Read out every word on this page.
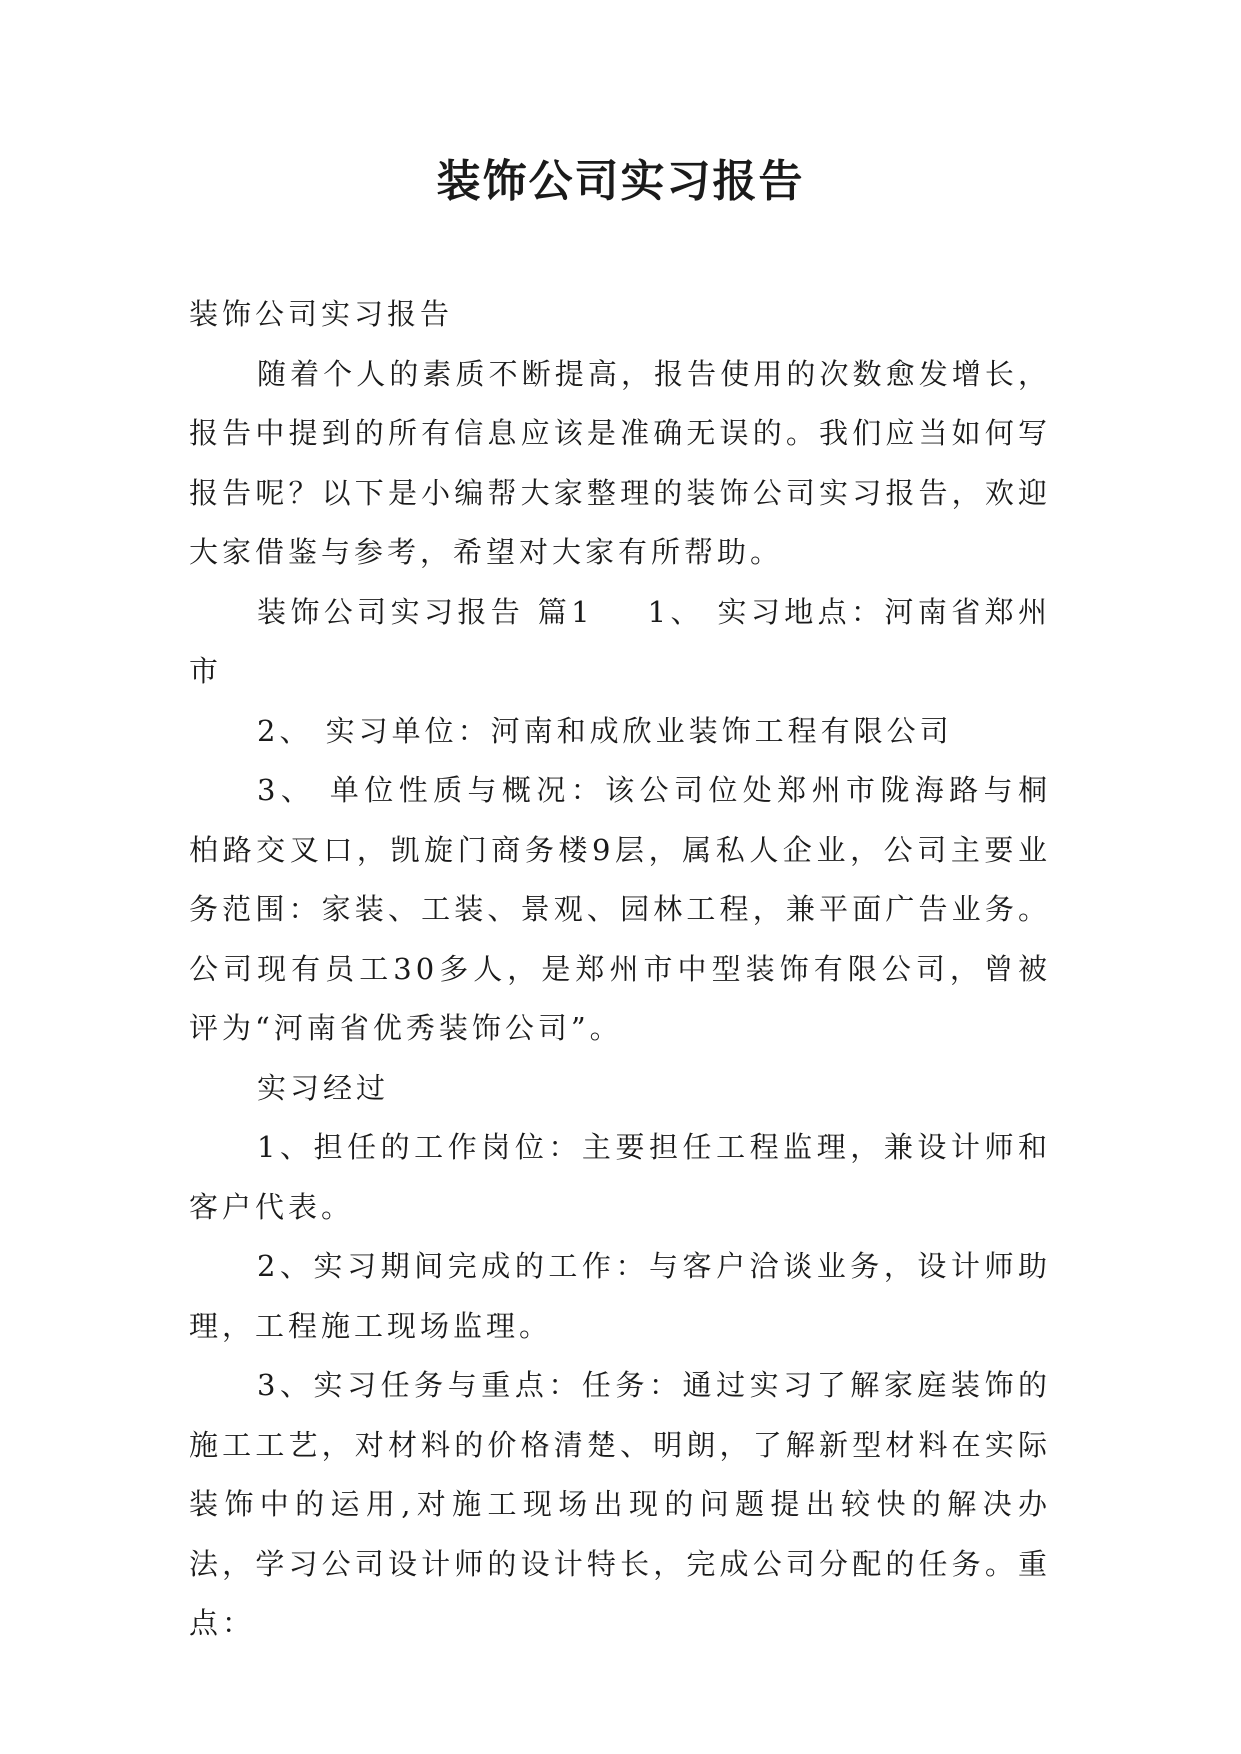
装饰公司实习报告

装饰公司实习报告

随着个人的素质不断提高，报告使用的次数愈发增长，报告中提到的所有信息应该是准确无误的。我们应当如何写报告呢？以下是小编帮大家整理的装饰公司实习报告，欢迎大家借鉴与参考，希望对大家有所帮助。

装饰公司实习报告 篇1 1、 实习地点：河南省郑州市

2、 实习单位：河南和成欣业装饰工程有限公司

3、 单位性质与概况：该公司位处郑州市陇海路与桐柏路交叉口，凯旋门商务楼9层，属私人企业，公司主要业务范围：家装、工装、景观、园林工程，兼平面广告业务。公司现有员工30多人，是郑州市中型装饰有限公司，曾被评为“河南省优秀装饰公司”。

实习经过

1、担任的工作岗位：主要担任工程监理，兼设计师和客户代表。

2、实习期间完成的工作：与客户洽谈业务，设计师助理，工程施工现场监理。

3、实习任务与重点：任务：通过实习了解家庭装饰的施工工艺，对材料的价格清楚、明朗，了解新型材料在实际装饰中的运用,对施工现场出现的问题提出较快的解决办法，学习公司设计师的设计特长，完成公司分配的任务。重点：
